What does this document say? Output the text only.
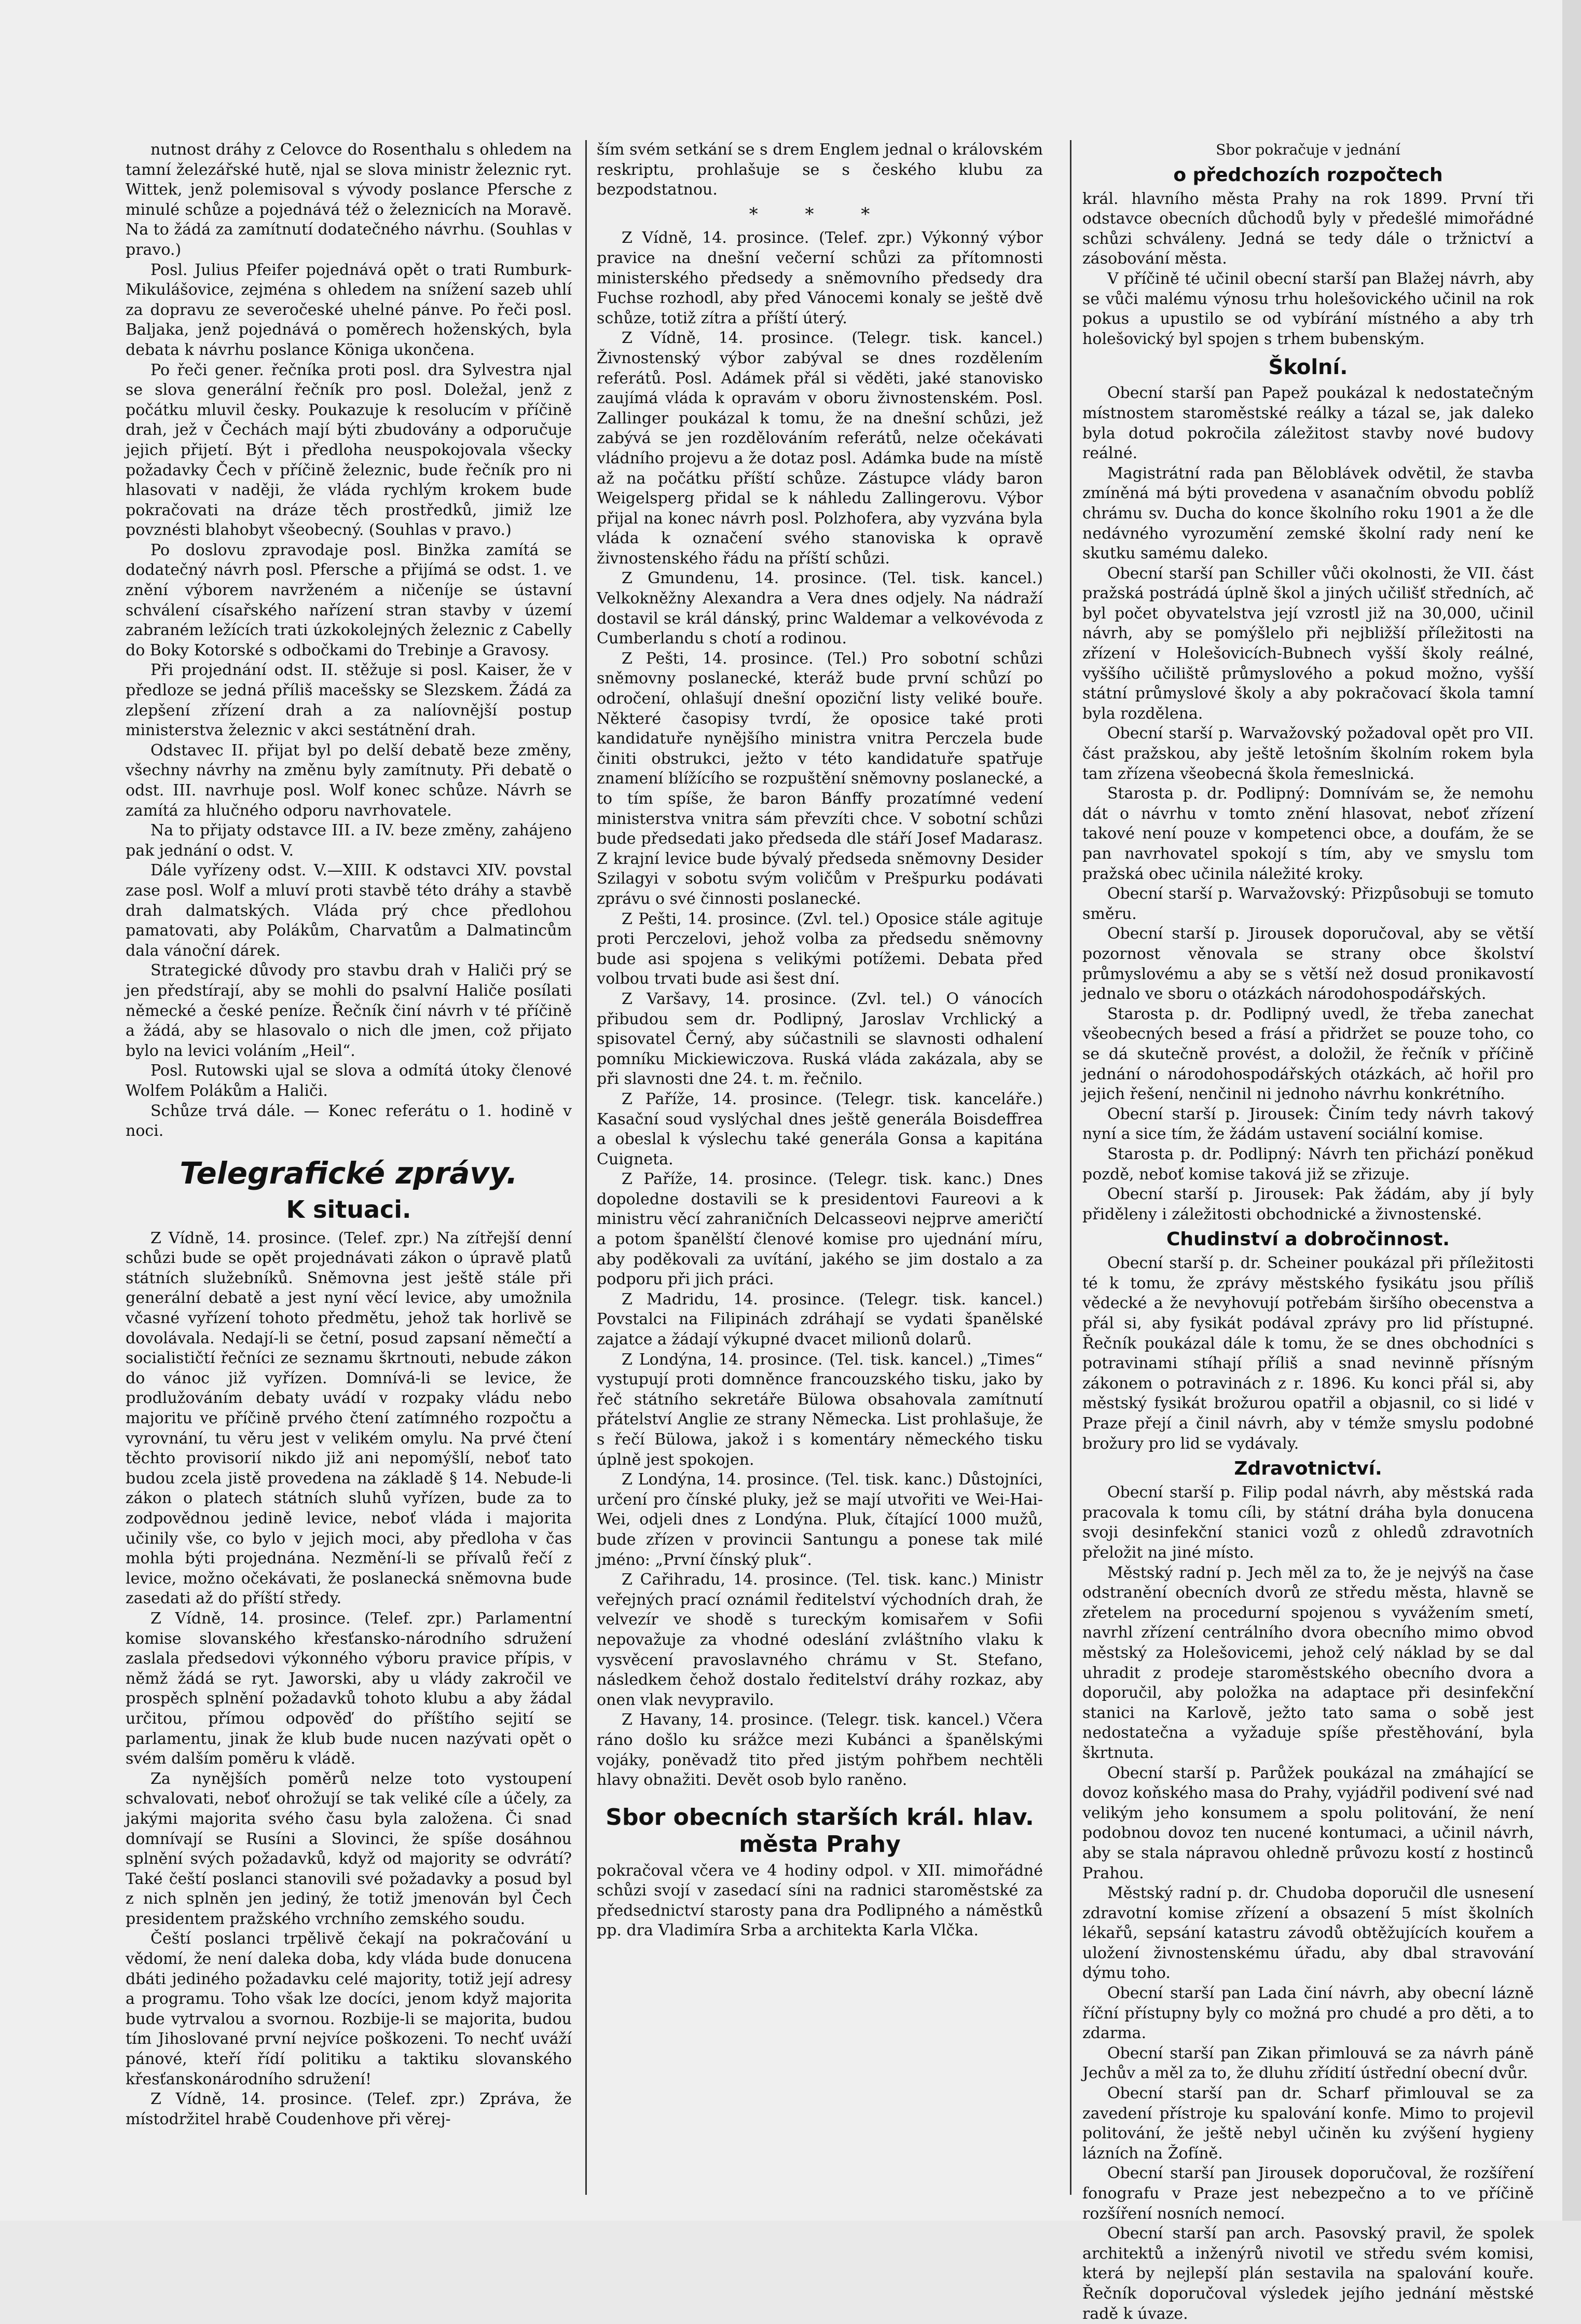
nutnost dráhy z Celovce do Rosenthalu s ohledem na tamní železářské hutě, njal se slova ministr železnic ryt. Wittek, jenž polemisoval s vývody poslance Pfersche z minulé schůze a pojednává též o železnicích na Moravě. Na to žádá za zamítnutí dodatečného návrhu. (Souhlas v pravo.)

Posl. Julius Pfeifer pojednává opět o trati Rumburk-Mikulášovice, zejména s ohledem na snížení sazeb uhlí za dopravu ze severočeské uhelné pánve. Po řeči posl. Baljaka, jenž pojednává o poměrech hoženských, byla debata k návrhu poslance Königa ukončena.

Po řeči gener. řečníka proti posl. dra Sylvestra njal se slova generální řečník pro posl. Doležal, jenž z počátku mluvil česky. Poukazuje k resolucím v příčině drah, jež v Čechách mají býti zbudovány a odporučuje jejich přijetí. Být i předloha neuspokojovala všecky požadavky Čech v příčině železnic, bude řečník pro ni hlasovati v naději, že vláda rychlým krokem bude pokračovati na dráze těch prostředků, jimiž lze povznésti blahobyt všeobecný. (Souhlas v pravo.)

Po doslovu zpravodaje posl. Binžka zamítá se dodatečný návrh posl. Pfersche a přijímá se odst. 1. ve znění výborem navrženém a ničeníje se ústavní schválení císařského nařízení stran stavby v území zabraném ležících trati úzkokolejných železnic z Cabelly do Boky Kotorské s odbočkami do Trebinje a Gravosy.

Při projednání odst. II. stěžuje si posl. Kaiser, že v předloze se jedná příliš macešsky se Slezskem. Žádá za zlepšení zřízení drah a za nalíovnější postup ministerstva železnic v akci sestátnění drah.

Odstavec II. přijat byl po delší debatě beze změny, všechny návrhy na změnu byly zamítnuty. Při debatě o odst. III. navrhuje posl. Wolf konec schůze. Návrh se zamítá za hlučného odporu navrhovatele.

Na to přijaty odstavce III. a IV. beze změny, zahájeno pak jednání o odst. V.

Dále vyřízeny odst. V.—XIII. K odstavci XIV. povstal zase posl. Wolf a mluví proti stavbě této dráhy a stavbě drah dalmatských. Vláda prý chce předlohou pamatovati, aby Polákům, Charvatům a Dalmatincům dala vánoční dárek.

Strategické důvody pro stavbu drah v Haliči prý se jen předstírají, aby se mohli do psalvní Haliče posílati německé a české peníze. Řečník činí návrh v té příčině a žádá, aby se hlasovalo o nich dle jmen, což přijato bylo na levici voláním „Heil“.

Posl. Rutowski ujal se slova a odmítá útoky členové Wolfem Polákům a Haliči.

Schůze trvá dále. — Konec referátu o 1. hodině v noci.

Telegrafické zprávy.
K situaci.

Z Vídně, 14. prosince. (Telef. zpr.) Na zítřejší denní schůzi bude se opět projednávati zákon o úpravě platů státních služebníků. Sněmovna jest ještě stále při generální debatě a jest nyní věcí levice, aby umožnila včasné vyřízení tohoto předmětu, jehož tak horlivě se dovolávala. Nedají-li se četní, posud zapsaní němečtí a socialističtí řečníci ze seznamu škrtnouti, nebude zákon do vánoc již vyřízen. Domnívá-li se levice, že prodlužováním debaty uvádí v rozpaky vládu nebo majoritu ve příčině prvého čtení zatímného rozpočtu a vyrovnání, tu věru jest v velikém omylu. Na prvé čtení těchto provisorií nikdo již ani nepomýšlí, neboť tato budou zcela jistě provedena na základě § 14. Nebude-li zákon o platech státních sluhů vyřízen, bude za to zodpovědnou jedině levice, neboť vláda i majorita učinily vše, co bylo v jejich moci, aby předloha v čas mohla býti projednána. Nezmění-li se přívalů řečí z levice, možno očekávati, že poslanecká sněmovna bude zasedati až do příští středy.

Z Vídně, 14. prosince. (Telef. zpr.) Parlamentní komise slovanského křesťansko-národního sdružení zaslala předsedovi výkonného výboru pravice přípis, v němž žádá se ryt. Jaworski, aby u vlády zakročil ve prospěch splnění požadavků tohoto klubu a aby žádal určitou, přímou odpověď do příštího sejití se parlamentu, jinak že klub bude nucen nazývati opět o svém dalším poměru k vládě.

Za nynějších poměrů nelze toto vystoupení schvalovati, neboť ohrožují se tak veliké cíle a účely, za jakými majorita svého času byla založena. Či snad domnívají se Rusíni a Slovinci, že spíše dosáhnou splnění svých požadavků, když od majority se odvrátí? Také čeští poslanci stanovili své požadavky a posud byl z nich splněn jen jediný, že totiž jmenován byl Čech presidentem pražského vrchního zemského soudu.

Čeští poslanci trpělivě čekají na pokračování u vědomí, že není daleka doba, kdy vláda bude donucena dbáti jediného požadavku celé majority, totiž její adresy a programu. Toho však lze docíci, jenom když majorita bude vytrvalou a svornou. Rozbije-li se majorita, budou tím Jihoslované první nejvíce poškozeni. To nechť uváží pánové, kteří řídí politiku a taktiku slovanského křesťanskonárodního sdružení!

Z Vídně, 14. prosince. (Telef. zpr.) Zpráva, že místodržitel hrabě Coudenhove při věrej-

ším svém setkání se s drem Englem jednal o královském reskriptu, prohlašuje se s českého klubu za bezpodstatnou.

* * *

Z Vídně, 14. prosince. (Telef. zpr.) Výkonný výbor pravice na dnešní večerní schůzi za přítomnosti ministerského předsedy a sněmovního předsedy dra Fuchse rozhodl, aby před Vánocemi konaly se ještě dvě schůze, totiž zítra a příští úterý.

Z Vídně, 14. prosince. (Telegr. tisk. kancel.) Živnostenský výbor zabýval se dnes rozdělením referátů. Posl. Adámek přál si věděti, jaké stanovisko zaujímá vláda k opravám v oboru živnostenském. Posl. Zallinger poukázal k tomu, že na dnešní schůzi, jež zabývá se jen rozdělováním referátů, nelze očekávati vládního projevu a že dotaz posl. Adámka bude na místě až na počátku příští schůze. Zástupce vlády baron Weigelsperg přidal se k náhledu Zallingerovu. Výbor přijal na konec návrh posl. Polzhofera, aby vyzvána byla vláda k označení svého stanoviska k opravě živnostenského řádu na příští schůzi.

Z Gmundenu, 14. prosince. (Tel. tisk. kancel.) Velkokněžny Alexandra a Vera dnes odjely. Na nádraží dostavil se král dánský, princ Waldemar a velkovévoda z Cumberlandu s chotí a rodinou.

Z Pešti, 14. prosince. (Tel.) Pro sobotní schůzi sněmovny poslanecké, kteráž bude první schůzí po odročení, ohlašují dnešní opoziční listy veliké bouře. Některé časopisy tvrdí, že oposice také proti kandidatuře nynějšího ministra vnitra Perczela bude činiti obstrukci, ježto v této kandidatuře spatřuje znamení blížícího se rozpuštění sněmovny poslanecké, a to tím spíše, že baron Bánffy prozatímné vedení ministerstva vnitra sám převzíti chce. V sobotní schůzi bude předsedati jako předseda dle stáří Josef Madarasz. Z krajní levice bude bývalý předseda sněmovny Desider Szilagyi v sobotu svým voličům v Prešpurku podávati zprávu o své činnosti poslanecké.

Z Pešti, 14. prosince. (Zvl. tel.) Oposice stále agituje proti Perczelovi, jehož volba za předsedu sněmovny bude asi spojena s velikými potížemi. Debata před volbou trvati bude asi šest dní.

Z Varšavy, 14. prosince. (Zvl. tel.) O vánocích přibudou sem dr. Podlipný, Jaroslav Vrchlický a spisovatel Černý, aby súčastnili se slavnosti odhalení pomníku Mickiewiczova. Ruská vláda zakázala, aby se při slavnosti dne 24. t. m. řečnilo.

Z Paříže, 14. prosince. (Telegr. tisk. kanceláře.) Kasační soud vyslýchal dnes ještě generála Boisdeffrea a obeslal k výslechu také generála Gonsa a kapitána Cuigneta.

Z Paříže, 14. prosince. (Telegr. tisk. kanc.) Dnes dopoledne dostavili se k presidentovi Faureovi a k ministru věcí zahraničních Delcasseovi nejprve američtí a potom španělští členové komise pro ujednání míru, aby poděkovali za uvítání, jakého se jim dostalo a za podporu při jich práci.

Z Madridu, 14. prosince. (Telegr. tisk. kancel.) Povstalci na Filipinách zdráhají se vydati španělské zajatce a žádají výkupné dvacet milionů dolarů.

Z Londýna, 14. prosince. (Tel. tisk. kancel.) „Times“ vystupují proti domněnce francouzského tisku, jako by řeč státního sekretáře Bülowa obsahovala zamítnutí přátelství Anglie ze strany Německa. List prohlašuje, že s řečí Bülowa, jakož i s komentáry německého tisku úplně jest spokojen.

Z Londýna, 14. prosince. (Tel. tisk. kanc.) Důstojníci, určení pro čínské pluky, jež se mají utvořiti ve Wei-Hai-Wei, odjeli dnes z Londýna. Pluk, čítající 1000 mužů, bude zřízen v provincii Santungu a ponese tak milé jméno: „První čínský pluk“.

Z Cařihradu, 14. prosince. (Tel. tisk. kanc.) Ministr veřejných prací oznámil ředitelství východních drah, že velvezír ve shodě s tureckým komisařem v Sofii nepovažuje za vhodné odeslání zvláštního vlaku k vysvěcení pravoslavného chrámu v St. Stefano, následkem čehož dostalo ředitelství dráhy rozkaz, aby onen vlak nevypravilo.

Z Havany, 14. prosince. (Telegr. tisk. kancel.) Včera ráno došlo ku srážce mezi Kubánci a španělskými vojáky, poněvadž tito před jistým pohřbem nechtěli hlavy obnažiti. Devět osob bylo raněno.

Sbor obecních starších král. hlav. města Prahy

pokračoval včera ve 4 hodiny odpol. v XII. mimořádné schůzi svojí v zasedací síni na radnici staroměstské za předsednictví starosty pana dra Podlipného a náměstků pp. dra Vladimíra Srba a architekta Karla Vlčka.

Sbor pokračuje v jednání
o předchozích rozpočtech

král. hlavního města Prahy na rok 1899. První tři odstavce obecních důchodů byly v předešlé mimořádné schůzi schváleny. Jedná se tedy dále o tržnictví a zásobování města.

V příčině té učinil obecní starší pan Blažej návrh, aby se vůči malému výnosu trhu holešovického učinil na rok pokus a upustilo se od vybírání místného a aby trh holešovický byl spojen s trhem bubenským.

Školní.

Obecní starší pan Papež poukázal k nedostatečným místnostem staroměstské reálky a tázal se, jak daleko byla dotud pokročila záležitost stavby nové budovy reálné.

Magistrátní rada pan Běloblávek odvětil, že stavba zmíněná má býti provedena v asanačním obvodu poblíž chrámu sv. Ducha do konce školního roku 1901 a že dle nedávného vyrozumění zemské školní rady není ke skutku samému daleko.

Obecní starší pan Schiller vůči okolnosti, že VII. část pražská postrádá úplně škol a jiných učilišť středních, ač byl počet obyvatelstva její vzrostl již na 30,000, učinil návrh, aby se pomýšlelo při nejbližší příležitosti na zřízení v Holešovicích-Bubnech vyšší školy reálné, vyššího učiliště průmyslového a pokud možno, vyšší státní průmyslové školy a aby pokračovací škola tamní byla rozdělena.

Obecní starší p. Warvažovský požadoval opět pro VII. část pražskou, aby ještě letošním školním rokem byla tam zřízena všeobecná škola řemeslnická.

Starosta p. dr. Podlipný: Domnívám se, že nemohu dát o návrhu v tomto znění hlasovat, neboť zřízení takové není pouze v kompetenci obce, a doufám, že se pan navrhovatel spokojí s tím, aby ve smyslu tom pražská obec učinila náležité kroky.

Obecní starší p. Warvažovský: Přizpůsobuji se tomuto směru.

Obecní starší p. Jirousek doporučoval, aby se větší pozornost věnovala se strany obce školství průmyslovému a aby se s větší než dosud pronikavostí jednalo ve sboru o otázkách národohospodářských.

Starosta p. dr. Podlipný uvedl, že třeba zanechat všeobecných besed a frásí a přidržet se pouze toho, co se dá skutečně provést, a doložil, že řečník v příčině jednání o národohospodářských otázkách, ač hořil pro jejich řešení, nenčinil ni jednoho návrhu konkrétního.

Obecní starší p. Jirousek: Činím tedy návrh takový nyní a sice tím, že žádám ustavení sociální komise.

Starosta p. dr. Podlipný: Návrh ten přichází poněkud pozdě, neboť komise taková již se zřizuje.

Obecní starší p. Jirousek: Pak žádám, aby jí byly přiděleny i záležitosti obchodnické a živnostenské.

Chudinství a dobročinnost.

Obecní starší p. dr. Scheiner poukázal při příležitosti té k tomu, že zprávy městského fysikátu jsou příliš vědecké a že nevyhovují potřebám širšího obecenstva a přál si, aby fysikát podával zprávy pro lid přístupné. Řečník poukázal dále k tomu, že se dnes obchodníci s potravinami stíhají příliš a snad nevinně přísným zákonem o potravinách z r. 1896. Ku konci přál si, aby městský fysikát brožurou opatřil a objasnil, co si lidé v Praze přejí a činil návrh, aby v témže smyslu podobné brožury pro lid se vydávaly.

Zdravotnictví.

Obecní starší p. Filip podal návrh, aby městská rada pracovala k tomu cíli, by státní dráha byla donucena svoji desinfekční stanici vozů z ohledů zdravotních přeložit na jiné místo.

Městský radní p. Jech měl za to, že je nejvýš na čase odstranění obecních dvorů ze středu města, hlavně se zřetelem na procedurní spojenou s vyvážením smetí, navrhl zřízení centrálního dvora obecního mimo obvod městský za Holešovicemi, jehož celý náklad by se dal uhradit z prodeje staroměstského obecního dvora a doporučil, aby položka na adaptace při desinfekční stanici na Karlově, ježto tato sama o sobě jest nedostatečna a vyžaduje spíše přestěhování, byla škrtnuta.

Obecní starší p. Parůžek poukázal na zmáhající se dovoz koňského masa do Prahy, vyjádřil podivení své nad velikým jeho konsumem a spolu politování, že není podobnou dovoz ten nucené kontumaci, a učinil návrh, aby se stala nápravou ohledně průvozu kostí z hostinců Prahou.

Městský radní p. dr. Chudoba doporučil dle usnesení zdravotní komise zřízení a obsazení 5 míst školních lékařů, sepsání katastru závodů obtěžujících kouřem a uložení živnostenskému úřadu, aby dbal stravování dýmu toho.

Obecní starší pan Lada činí návrh, aby obecní lázně říční přístupny byly co možná pro chudé a pro děti, a to zdarma.

Obecní starší pan Zikan přimlouvá se za návrh páně Jechův a měl za to, že dluhu zřídití ústřední obecní dvůr.

Obecní starší pan dr. Scharf přimlouval se za zavedení přístroje ku spalování konfe. Mimo to projevil politování, že ještě nebyl učiněn ku zvýšení hygieny lázních na Žofíně.

Obecní starší pan Jirousek doporučoval, že rozšíření fonografu v Praze jest nebezpečno a to ve příčině rozšíření nosních nemocí.

Obecní starší pan arch. Pasovský pravil, že spolek architektů a inženýrů nivotil ve středu svém komisi, která by nejlepší plán sestavila na spalování kouře. Řečník doporučoval výsledek jejího jednání městské radě k úvaze.
